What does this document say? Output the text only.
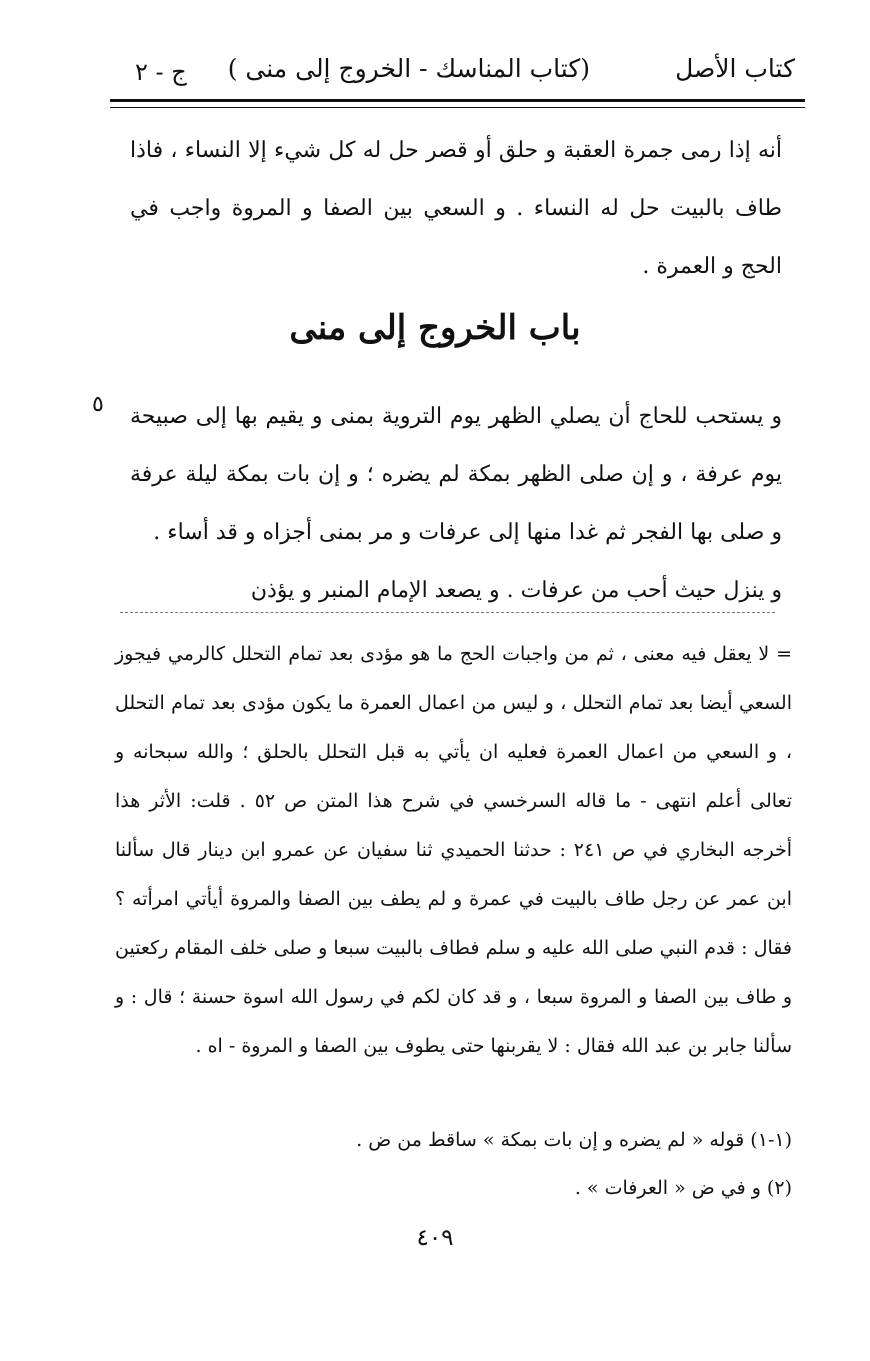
كتاب الأصل
(كتاب المناسك - الخروج إلى منى )
ج - ٢

أنه إذا رمى جمرة العقبة و حلق أو قصر حل له كل شيء إلا النساء ، فاذا طاف بالبيت حل له النساء . و السعي بين الصفا و المروة واجب في الحج و العمرة .

باب الخروج إلى منى
٥ و يستحب للحاج أن يصلي الظهر يوم التروية بمنى و يقيم بها إلى صبيحة يوم عرفة ، و إن صلى الظهر بمكة لم يضره ؛ و إن بات بمكة ليلة عرفة و صلى بها الفجر ثم غدا منها إلى عرفات و مر بمنى أجزاه و قد أساء .

و ينزل حيث أحب من عرفات . و يصعد الإمام المنبر و يؤذن

= لا يعقل فيه معنى ، ثم من واجبات الحج ما هو مؤدى بعد تمام التحلل كالرمي فيجوز السعي أيضا بعد تمام التحلل ، و ليس من اعمال العمرة ما يكون مؤدى بعد تمام التحلل ، و السعي من اعمال العمرة فعليه ان يأتي به قبل التحلل بالحلق ؛ والله سبحانه و تعالى أعلم انتهى - ما قاله السرخسي في شرح هذا المتن ص ٥٢ . قلت: الأثر هذا أخرجه البخاري في ص ٢٤١ : حدثنا الحميدي ثنا سفيان عن عمرو ابن دينار قال سألنا ابن عمر عن رجل طاف بالبيت في عمرة و لم يطف بين الصفا والمروة أيأتي امرأته ؟ فقال : قدم النبي صلى الله عليه و سلم فطاف بالبيت سبعا و صلى خلف المقام ركعتين و طاف بين الصفا و المروة سبعا ، و قد كان لكم في رسول الله اسوة حسنة ؛ قال : و سألنا جابر بن عبد الله فقال : لا يقربنها حتى يطوف بين الصفا و المروة - اه .

(١-١) قوله « لم يضره و إن بات بمكة » ساقط من ض .

(٢) و في ض « العرفات » .

٤٠٩
